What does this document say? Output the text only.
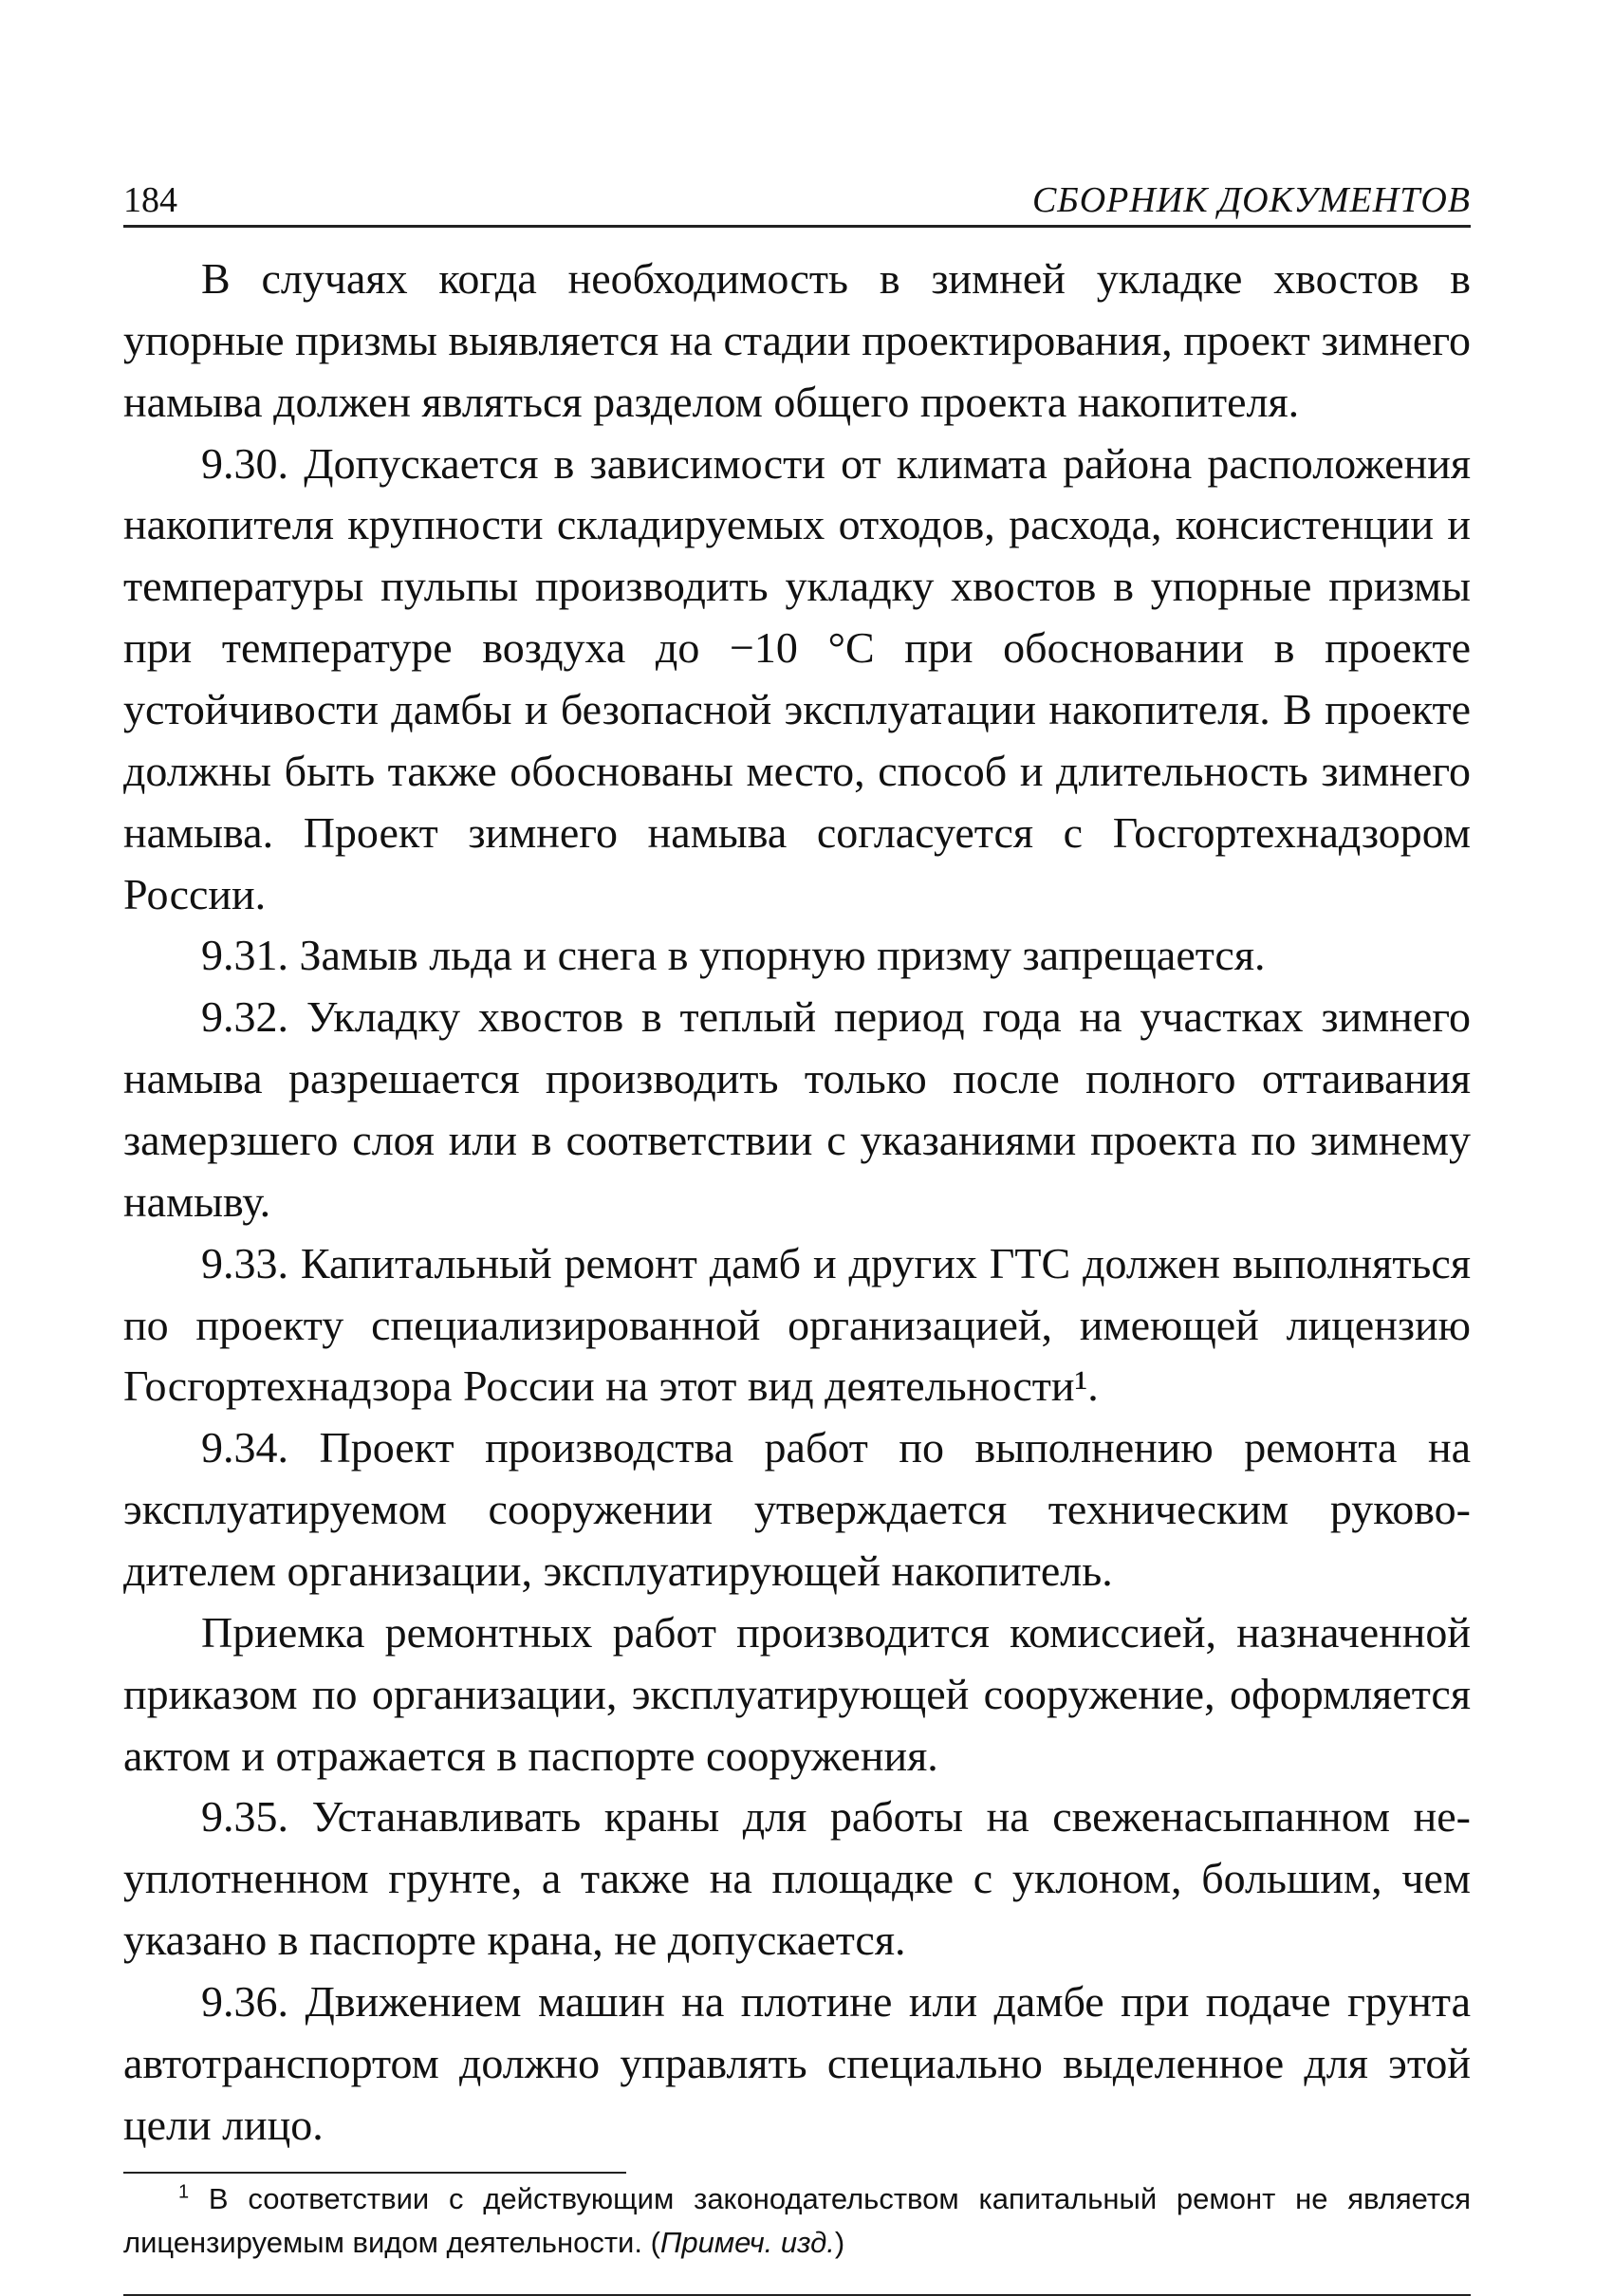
184	СБОРНИК ДОКУМЕНТОВ

В случаях когда необходимость в зимней укладке хвостов в упорные призмы выявляется на стадии проектирования, проект зимнего намыва должен являться разделом общего проекта накопителя.

9.30. Допускается в зависимости от климата района расположения накопителя крупности складируемых отходов, расхода, консистенции и температуры пульпы производить укладку хвостов в упорные призмы при температуре воздуха до −10 °С при обосновании в проекте устойчивости дамбы и безопасной эксплуатации накопителя. В проекте должны быть также обоснованы место, способ и длительность зимнего намыва. Проект зимнего намыва согласуется с Госгортехнадзором России.

9.31. Замыв льда и снега в упорную призму запрещается.

9.32. Укладку хвостов в теплый период года на участках зимнего намыва разрешается производить только после полного оттаивания замерзшего слоя или в соответствии с указаниями проекта по зимнему намыву.

9.33. Капитальный ремонт дамб и других ГТС должен выполняться по проекту специализированной организацией, имеющей лицензию Госгортехнадзора России на этот вид деятельности¹.

9.34. Проект производства работ по выполнению ремонта на эксплуатируемом сооружении утверждается техническим руководителем организации, эксплуатирующей накопитель.

Приемка ремонтных работ производится комиссией, назначенной приказом по организации, эксплуатирующей сооружение, оформляется актом и отражается в паспорте сооружения.

9.35. Устанавливать краны для работы на свеженасыпанном неуплотненном грунте, а также на площадке с уклоном, большим, чем указано в паспорте крана, не допускается.

9.36. Движением машин на плотине или дамбе при подаче грунта автотранспортом должно управлять специально выделенное для этой цели лицо.

$^1$ В соответствии с действующим законодательством капитальный ремонт не является лицензируемым видом деятельности. (Примеч. изд.)
